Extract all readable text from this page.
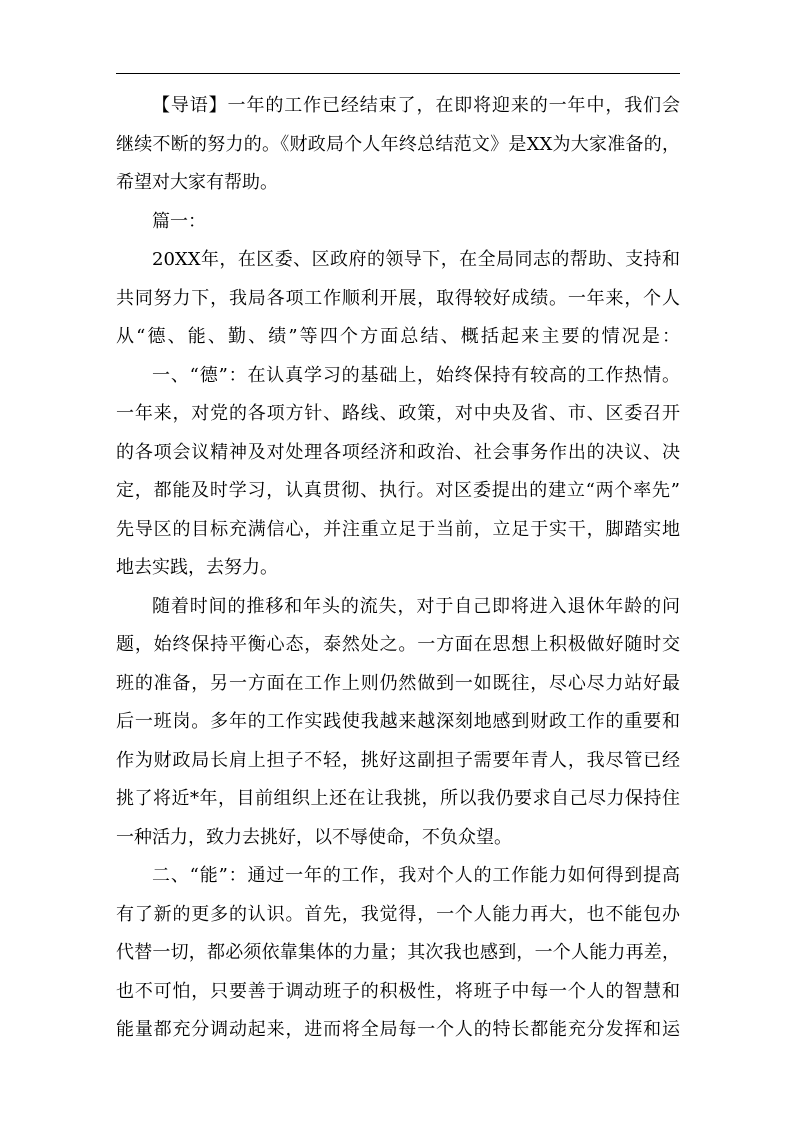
【导语】一年的工作已经结束了，在即将迎来的一年中，我们会
继续不断的努力的。《财政局个人年终总结范文》是XX为大家准备的，
希望对大家有帮助。
篇一：
20XX年，在区委、区政府的领导下，在全局同志的帮助、支持和
共同努力下，我局各项工作顺利开展，取得较好成绩。一年来，个人
从“德、能、勤、绩”等四个方面总结、概括起来主要的情况是：
一、“德”：在认真学习的基础上，始终保持有较高的工作热情。
一年来，对党的各项方针、路线、政策，对中央及省、市、区委召开
的各项会议精神及对处理各项经济和政治、社会事务作出的决议、决
定，都能及时学习，认真贯彻、执行。对区委提出的建立“两个率先”
先导区的目标充满信心，并注重立足于当前，立足于实干，脚踏实地
地去实践，去努力。
随着时间的推移和年头的流失，对于自己即将进入退休年龄的问
题，始终保持平衡心态，泰然处之。一方面在思想上积极做好随时交
班的准备，另一方面在工作上则仍然做到一如既往，尽心尽力站好最
后一班岗。多年的工作实践使我越来越深刻地感到财政工作的重要和
作为财政局长肩上担子不轻，挑好这副担子需要年青人，我尽管已经
挑了将近*年，目前组织上还在让我挑，所以我仍要求自己尽力保持住
一种活力，致力去挑好，以不辱使命，不负众望。
二、“能”：通过一年的工作，我对个人的工作能力如何得到提高
有了新的更多的认识。首先，我觉得，一个人能力再大，也不能包办
代替一切，都必须依靠集体的力量；其次我也感到，一个人能力再差，
也不可怕，只要善于调动班子的积极性，将班子中每一个人的智慧和
能量都充分调动起来，进而将全局每一个人的特长都能充分发挥和运
